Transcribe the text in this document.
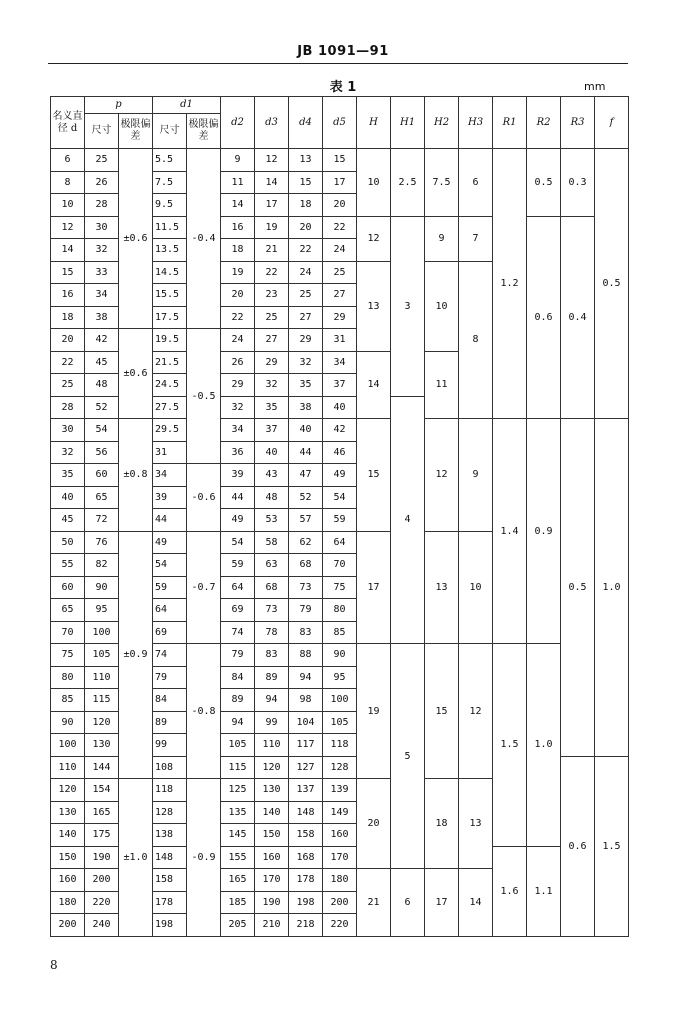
JB 1091—91
表 1	mm
名义直径 d	p		d1		d2	d3	d4	d5	H	H1	H2	H3	R1	R2	R3	f
	尺寸	极限偏差	尺寸	极限偏差												
6	25	±0.6	5.5	-0.4	9	12	13	15	10	2.5	7.5	6	1.2	0.5	0.3	0.5
8	26		7.5		11	14	15	17								
10	28		9.5		14	17	18	20								
12	30		11.5		16	19	20	22	12	3	9	7		0.6	0.4	
14	32		13.5		18	21	22	24								
15	33		14.5		19	22	24	25	13		10	8				
16	34		15.5		20	23	25	27								
18	38		17.5		22	25	27	29								
20	42	±0.6	19.5	-0.5	24	27	29	31								
22	45		21.5		26	29	32	34	14		11					
25	48		24.5		29	32	35	37								
28	52		27.5		32	35	38	40		4						
30	54	±0.8	29.5		34	37	40	42	15		12	9	1.4	0.9	0.5	1.0
32	56		31		36	40	44	46								
35	60		34	-0.6	39	43	47	49								
40	65		39		44	48	52	54								
45	72		44		49	53	57	59								
50	76	±0.9	49	-0.7	54	58	62	64	17		13	10				
55	82		54		59	63	68	70								
60	90		59		64	68	73	75								
65	95		64		69	73	79	80								
70	100		69		74	78	83	85								
75	105		74	-0.8	79	83	88	90	19	5	15	12	1.5	1.0		
80	110		79		84	89	94	95								
85	115		84		89	94	98	100								
90	120		89		94	99	104	105								
100	130		99		105	110	117	118								
110	144		108		115	120	127	128							0.6	1.5
120	154	±1.0	118	-0.9	125	130	137	139	20		18	13				
130	165		128		135	140	148	149								
140	175		138		145	150	158	160								
150	190		148		155	160	168	170					1.6	1.1		
160	200		158		165	170	178	180	21	6	17	14				
180	220		178		185	190	198	200								
200	240		198		205	210	218	220								
8
